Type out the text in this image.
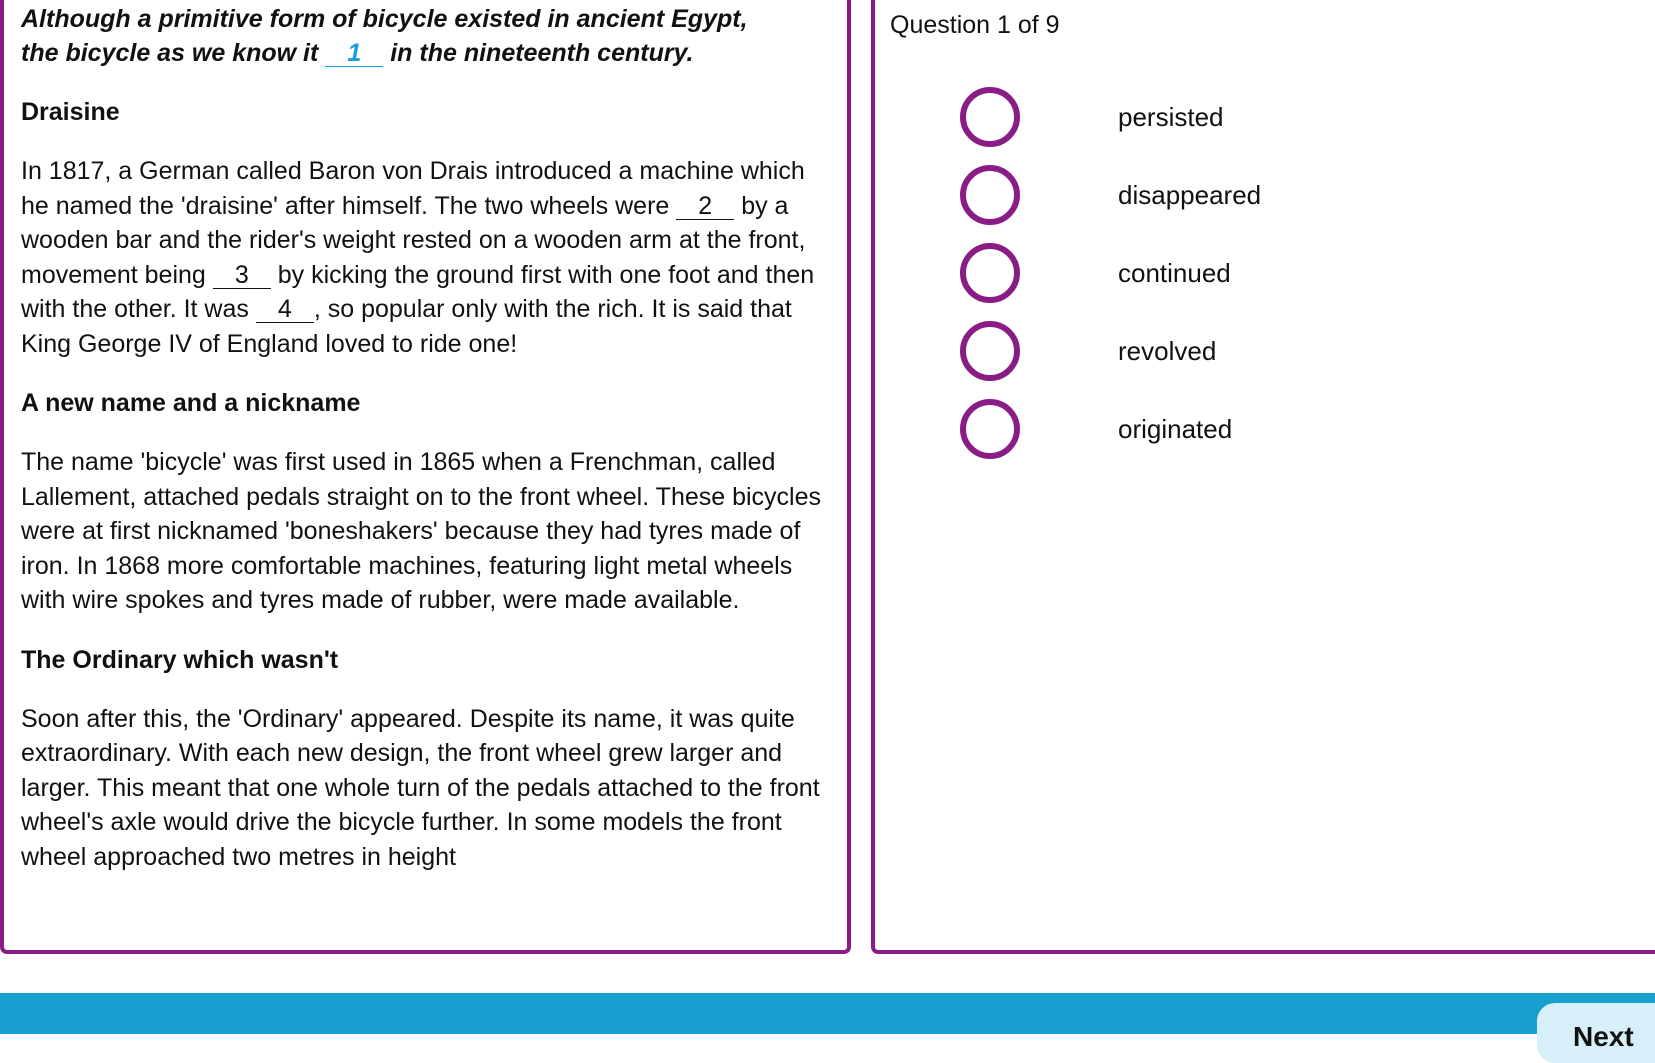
Although a primitive form of bicycle existed in ancient Egypt,
the bicycle as we know it 1 in the nineteenth century.

Draisine

In 1817, a German called Baron von Drais introduced a machine which he named the 'draisine' after himself. The two wheels were 2 by a wooden bar and the rider's weight rested on a wooden arm at the front, movement being 3 by kicking the ground first with one foot and then with the other. It was 4 , so popular only with the rich. It is said that King George IV of England loved to ride one!

A new name and a nickname

The name 'bicycle' was first used in 1865 when a Frenchman, called Lallement, attached pedals straight on to the front wheel. These bicycles were at first nicknamed 'boneshakers' because they had tyres made of iron. In 1868 more comfortable machines, featuring light metal wheels with wire spokes and tyres made of rubber, were made available.

The Ordinary which wasn't

Soon after this, the 'Ordinary' appeared. Despite its name, it was quite extraordinary. With each new design, the front wheel grew larger and larger. This meant that one whole turn of the pedals attached to the front wheel's axle would drive the bicycle further. In some models the front wheel approached two metres in height

Question 1 of 9

persisted
disappeared
continued
revolved
originated
Next
